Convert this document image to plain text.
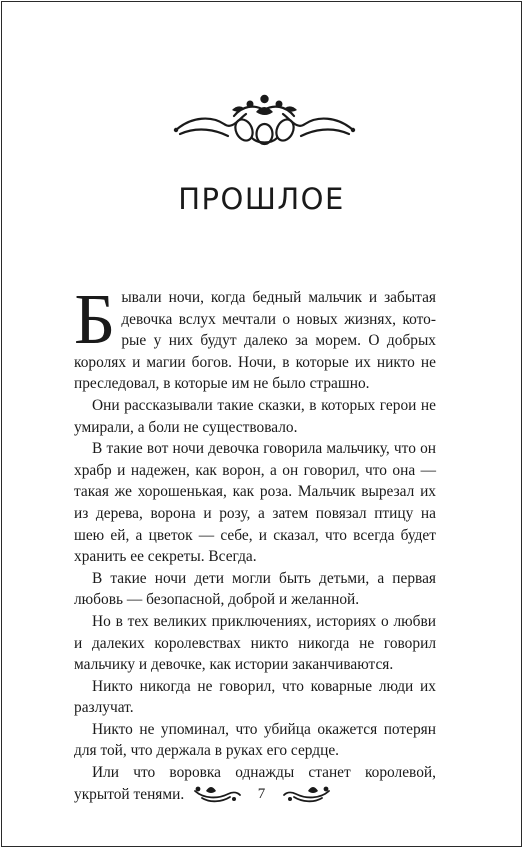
ПРОШЛОЕ

Бывали ночи, когда бедный мальчик и забытая девочка вслух мечтали о новых жизнях, которые у них будут далеко за морем. О добрых королях и магии богов. Ночи, в которые их никто не преследовал, в которые им не было страшно.

Они рассказывали такие сказки, в которых герои не умирали, а боли не существовало.

В такие вот ночи девочка говорила мальчику, что он храбр и надежен, как ворон, а он говорил, что она — такая же хорошенькая, как роза. Мальчик вырезал их из дерева, ворона и розу, а затем повязал птицу на шею ей, а цветок — себе, и сказал, что всегда будет хранить ее секреты. Всегда.

В такие ночи дети могли быть детьми, а первая любовь — безопасной, доброй и желанной.

Но в тех великих приключениях, историях о любви и далеких королевствах никто никогда не говорил мальчику и девочке, как истории заканчиваются.

Никто никогда не говорил, что коварные люди их разлучат.

Никто не упоминал, что убийца окажется потерян для той, что держала в руках его сердце.

Или что воровка однажды станет королевой, укрытой тенями.	7
